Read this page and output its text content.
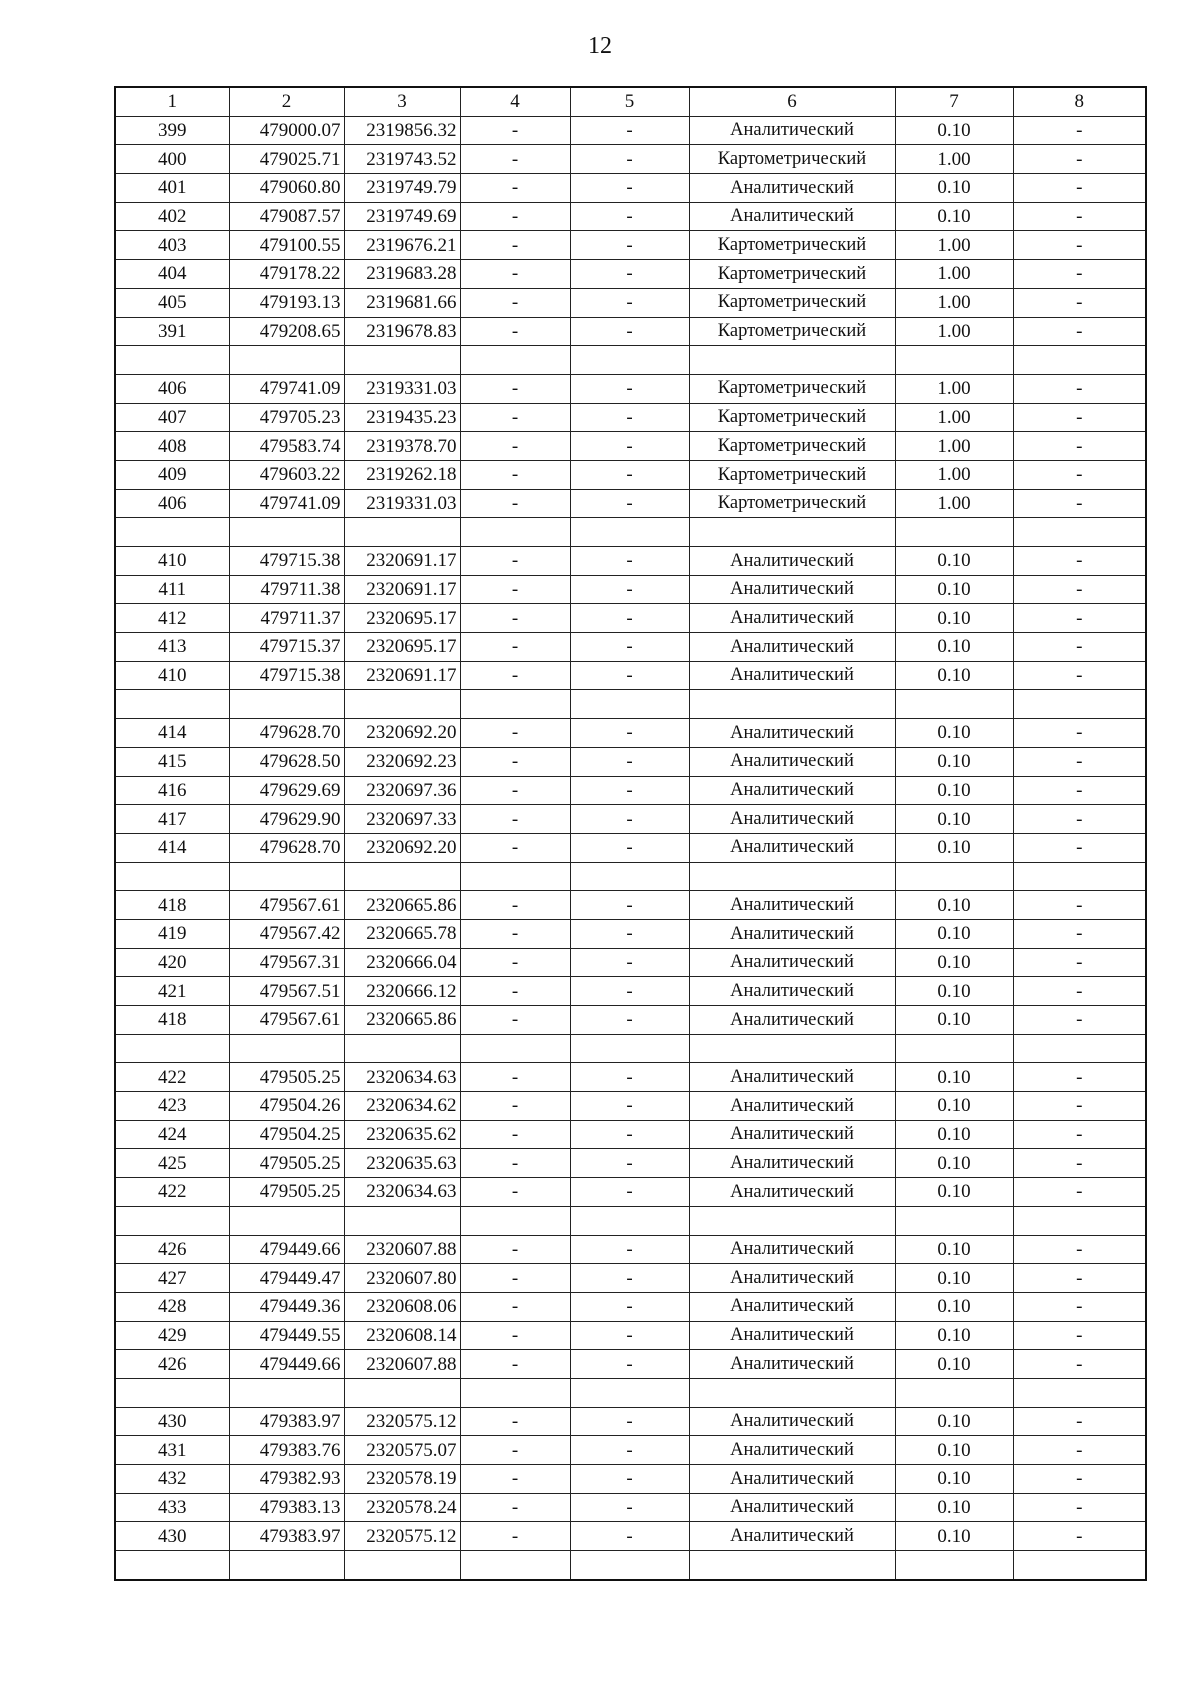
12
1	2	3	4	5	6	7	8
399	479000.07	2319856.32	-	-	Аналитический	0.10	-
400	479025.71	2319743.52	-	-	Картометрический	1.00	-
401	479060.80	2319749.79	-	-	Аналитический	0.10	-
402	479087.57	2319749.69	-	-	Аналитический	0.10	-
403	479100.55	2319676.21	-	-	Картометрический	1.00	-
404	479178.22	2319683.28	-	-	Картометрический	1.00	-
405	479193.13	2319681.66	-	-	Картометрический	1.00	-
391	479208.65	2319678.83	-	-	Картометрический	1.00	-

406	479741.09	2319331.03	-	-	Картометрический	1.00	-
407	479705.23	2319435.23	-	-	Картометрический	1.00	-
408	479583.74	2319378.70	-	-	Картометрический	1.00	-
409	479603.22	2319262.18	-	-	Картометрический	1.00	-
406	479741.09	2319331.03	-	-	Картометрический	1.00	-

410	479715.38	2320691.17	-	-	Аналитический	0.10	-
411	479711.38	2320691.17	-	-	Аналитический	0.10	-
412	479711.37	2320695.17	-	-	Аналитический	0.10	-
413	479715.37	2320695.17	-	-	Аналитический	0.10	-
410	479715.38	2320691.17	-	-	Аналитический	0.10	-

414	479628.70	2320692.20	-	-	Аналитический	0.10	-
415	479628.50	2320692.23	-	-	Аналитический	0.10	-
416	479629.69	2320697.36	-	-	Аналитический	0.10	-
417	479629.90	2320697.33	-	-	Аналитический	0.10	-
414	479628.70	2320692.20	-	-	Аналитический	0.10	-

418	479567.61	2320665.86	-	-	Аналитический	0.10	-
419	479567.42	2320665.78	-	-	Аналитический	0.10	-
420	479567.31	2320666.04	-	-	Аналитический	0.10	-
421	479567.51	2320666.12	-	-	Аналитический	0.10	-
418	479567.61	2320665.86	-	-	Аналитический	0.10	-

422	479505.25	2320634.63	-	-	Аналитический	0.10	-
423	479504.26	2320634.62	-	-	Аналитический	0.10	-
424	479504.25	2320635.62	-	-	Аналитический	0.10	-
425	479505.25	2320635.63	-	-	Аналитический	0.10	-
422	479505.25	2320634.63	-	-	Аналитический	0.10	-

426	479449.66	2320607.88	-	-	Аналитический	0.10	-
427	479449.47	2320607.80	-	-	Аналитический	0.10	-
428	479449.36	2320608.06	-	-	Аналитический	0.10	-
429	479449.55	2320608.14	-	-	Аналитический	0.10	-
426	479449.66	2320607.88	-	-	Аналитический	0.10	-

430	479383.97	2320575.12	-	-	Аналитический	0.10	-
431	479383.76	2320575.07	-	-	Аналитический	0.10	-
432	479382.93	2320578.19	-	-	Аналитический	0.10	-
433	479383.13	2320578.24	-	-	Аналитический	0.10	-
430	479383.97	2320575.12	-	-	Аналитический	0.10	-
